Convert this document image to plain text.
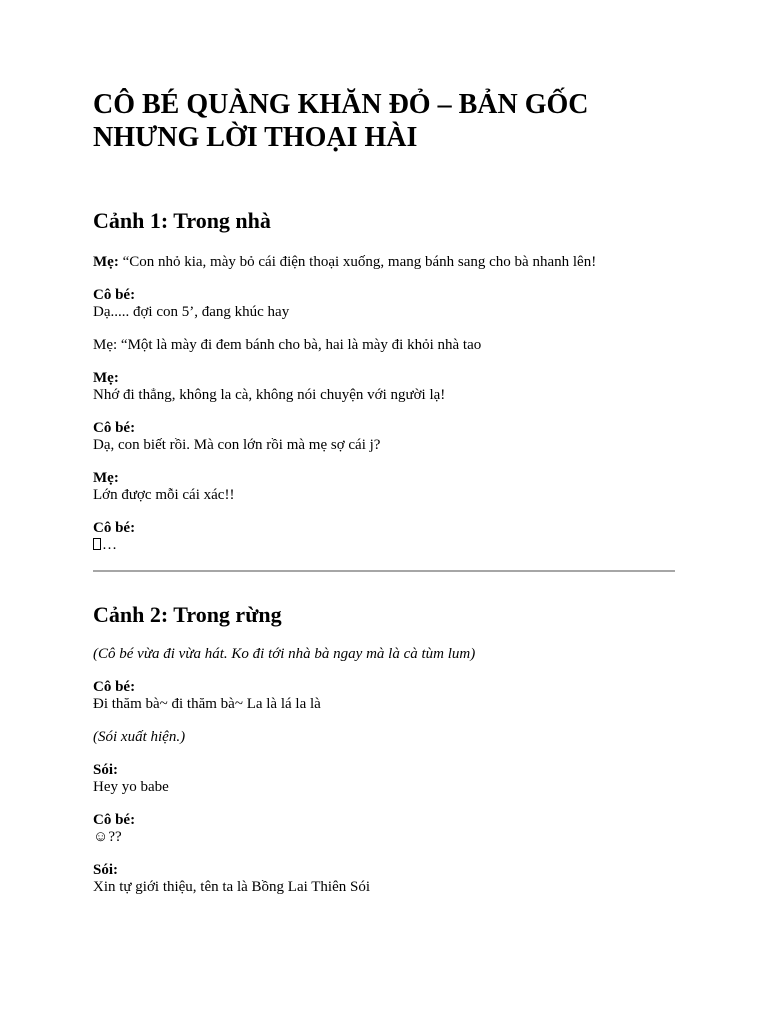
CÔ BÉ QUÀNG KHĂN ĐỎ – BẢN GỐC NHƯNG LỜI THOẠI HÀI
Cảnh 1: Trong nhà

Mẹ: “Con nhỏ kia, mày bỏ cái điện thoại xuống, mang bánh sang cho bà nhanh lên!

Cô bé:
Dạ..... đợi con 5’, đang khúc hay

Mẹ: “Một là mày đi đem bánh cho bà, hai là mày đi khỏi nhà tao

Mẹ:
Nhớ đi thẳng, không la cà, không nói chuyện với người lạ!

Cô bé:
Dạ, con biết rồi. Mà con lớn rồi mà mẹ sợ cái j?

Mẹ:
Lớn được mỗi cái xác!!

Cô bé:
…

Cảnh 2: Trong rừng

(Cô bé vừa đi vừa hát. Ko đi tới nhà bà ngay mà là cà tùm lum)

Cô bé:
Đi thăm bà~ đi thăm bà~ La là lá la là

(Sói xuất hiện.)

Sói:
Hey yo babe

Cô bé:
☺??

Sói:
Xin tự giới thiệu, tên ta là Bồng Lai Thiên Sói
